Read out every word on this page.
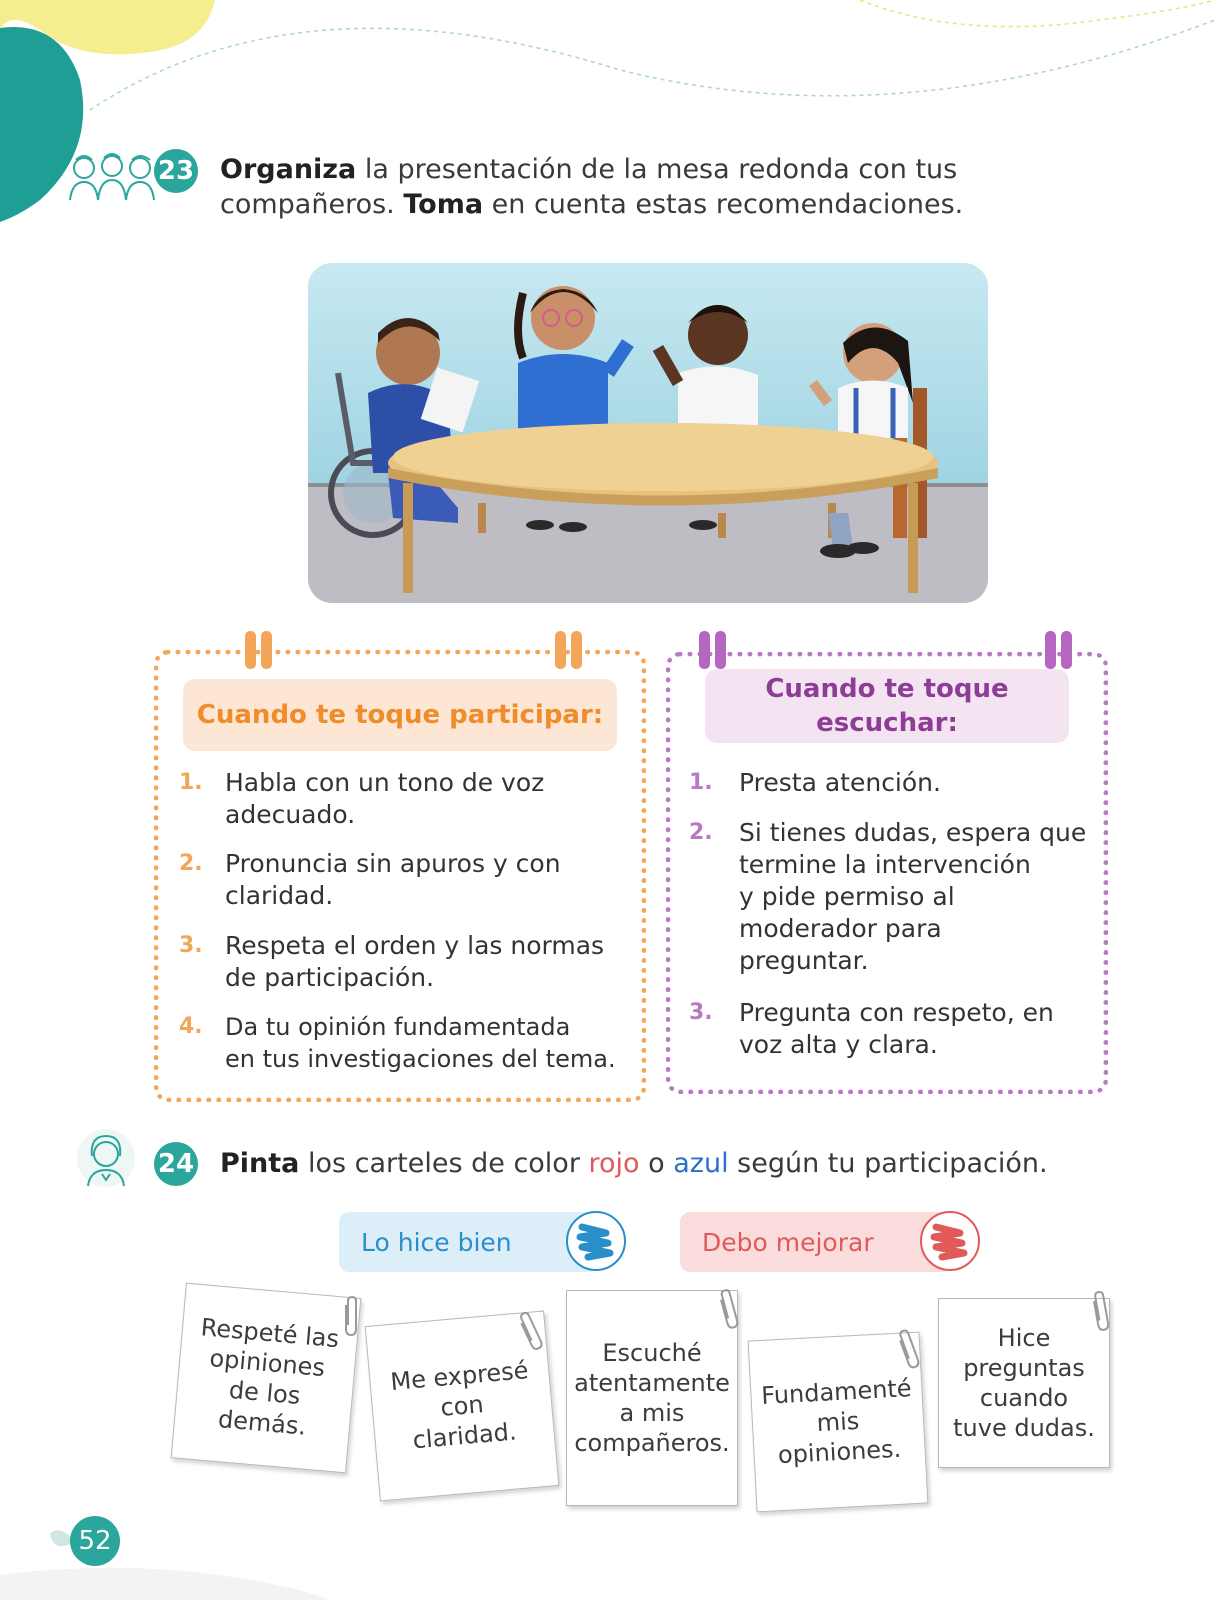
23 Organiza la presentación de la mesa redonda con tus
compañeros. Toma en cuenta estas recomendaciones.
Cuando te toque participar:
1. Habla con un tono de voz
adecuado.
2. Pronuncia sin apuros y con
claridad.
3. Respeta el orden y las normas
de participación.
4. Da tu opinión fundamentada
en tus investigaciones del tema.
Cuando te toque
escuchar:
1. Presta atención.
2. Si tienes dudas, espera que
termine la intervención
y pide permiso al
moderador para
preguntar.
3. Pregunta con respeto, en
voz alta y clara.
24 Pinta los carteles de color rojo o azul según tu participación.
Lo hice bien	Debo mejorar
Respeté las
opiniones
de los
demás.
Me expresé
con
claridad.
Escuché
atentamente
a mis
compañeros.
Fundamenté
mis
opiniones.
Hice
preguntas
cuando
tuve dudas.
52
